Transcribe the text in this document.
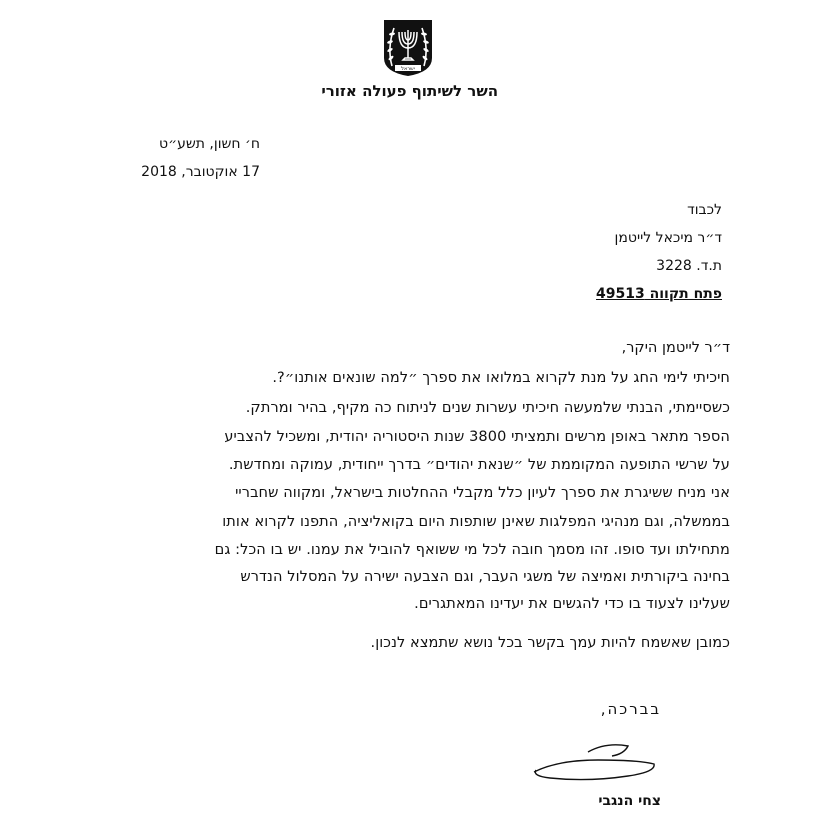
ישראל
השר לשיתוף פעולה אזורי
ח׳ חשון, תשע״ט
17 אוקטובר, 2018
לכבוד
ד״ר מיכאל לייטמן
ת.ד. 3228
פתח תקווה 49513
ד״ר לייטמן היקר,
חיכיתי לימי החג על מנת לקרוא במלואו את ספרך ״למה שונאים אותנו״?.
כשסיימתי, הבנתי שלמעשה חיכיתי עשרות שנים לניתוח כה מקיף, בהיר ומרתק.
הספר מתאר באופן מרשים ותמציתי 3800 שנות היסטוריה יהודית, ומשכיל להצביע
על שרשי התופעה המקוממת של ״שנאת יהודים״ בדרך ייחודית, עמוקה ומחדשת.
אני מניח ששיגרת את ספרך לעיון כלל מקבלי ההחלטות בישראל, ומקווה שחבריי
בממשלה, וגם מנהיגי המפלגות שאינן שותפות היום בקואליציה, התפנו לקרוא אותו
מתחילתו ועד סופו. זהו מסמך חובה לכל מי ששואף להוביל את עמנו. יש בו הכל: גם
בחינה ביקורתית ואמיצה של משגי העבר, וגם הצבעה ישירה על המסלול הנדרש
שעלינו לצעוד בו כדי להגשים את יעדינו המאתגרים.
כמובן שאשמח להיות עמך בקשר בכל נושא שתמצא לנכון.
בברכה,
צחי הנגבי
